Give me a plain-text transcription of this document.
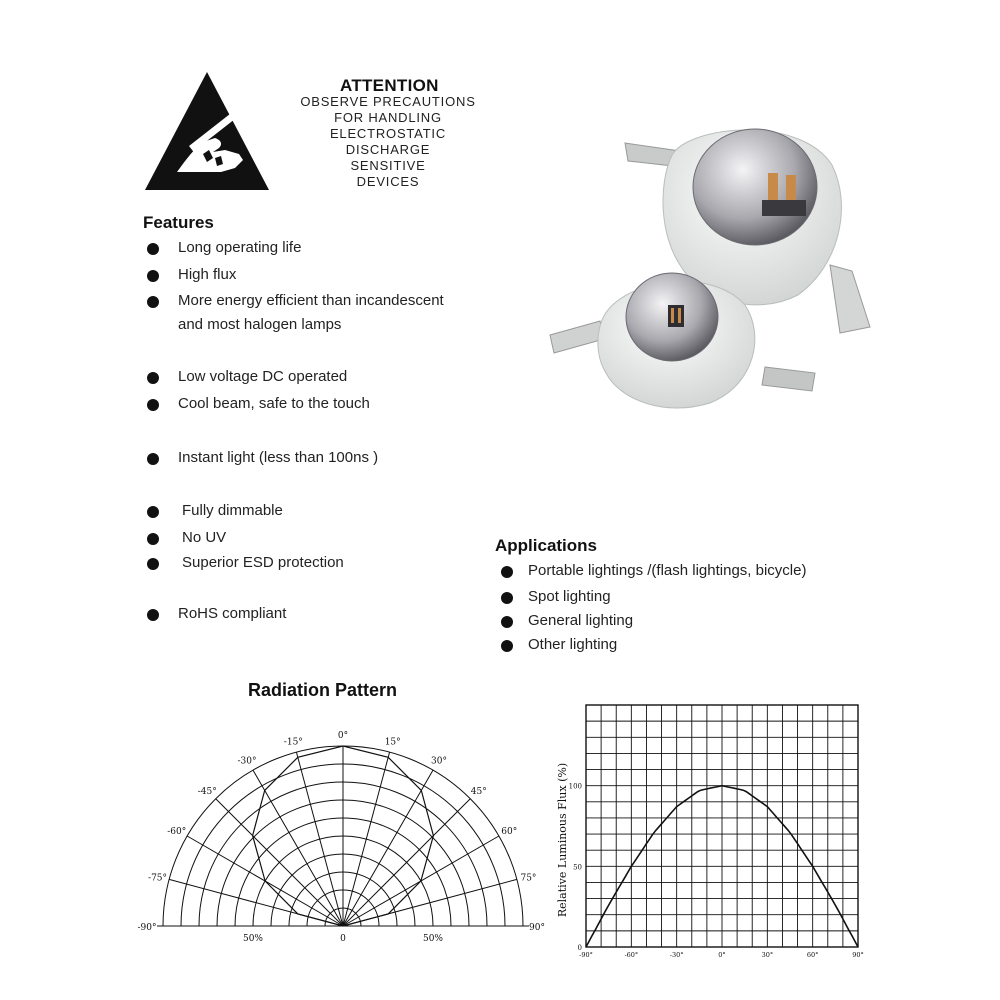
ATTENTION
OBSERVE PRECAUTIONS
FOR HANDLING
ELECTROSTATIC
DISCHARGE
SENSITIVE
DEVICES
Features
Long operating life
High flux
More energy efficient than incandescent
and most halogen lamps
Low voltage DC operated
Cool beam, safe to the touch
Instant light (less than 100ns )
Fully dimmable
No UV
Superior ESD protection
RoHS compliant
Applications
Portable lightings /(flash lightings, bicycle)
Spot lighting
General lighting
Other lighting
Radiation Pattern
0°
15°
30°
45°
60°
75°
90°
-15°
-30°
-45°
-60°
-75°
-90°
50%	0	50%
Relative Luminous Flux (%)
-90°	-60°	-30°	0°	30°	60°	90°
100
50
0
